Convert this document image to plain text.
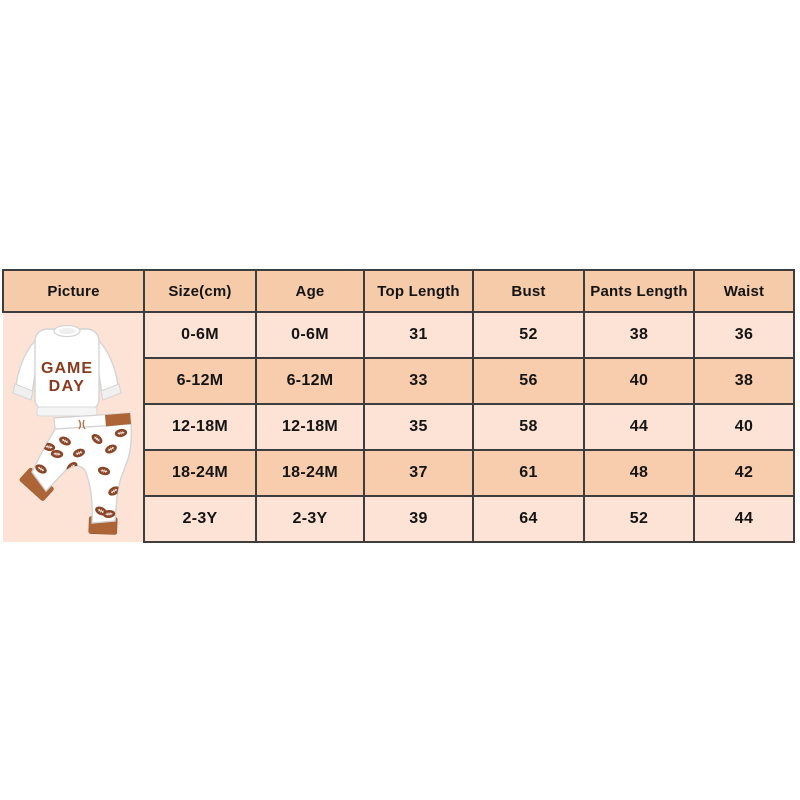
Picture	Size(cm)	Age	Top Length	Bust	Pants Length	Waist

GAME
DAY	0-6M	0-6M	31	52	38	36
	6-12M	6-12M	33	56	40	38
	12-18M	12-18M	35	58	44	40
	18-24M	18-24M	37	61	48	42
	2-3Y	2-3Y	39	64	52	44
